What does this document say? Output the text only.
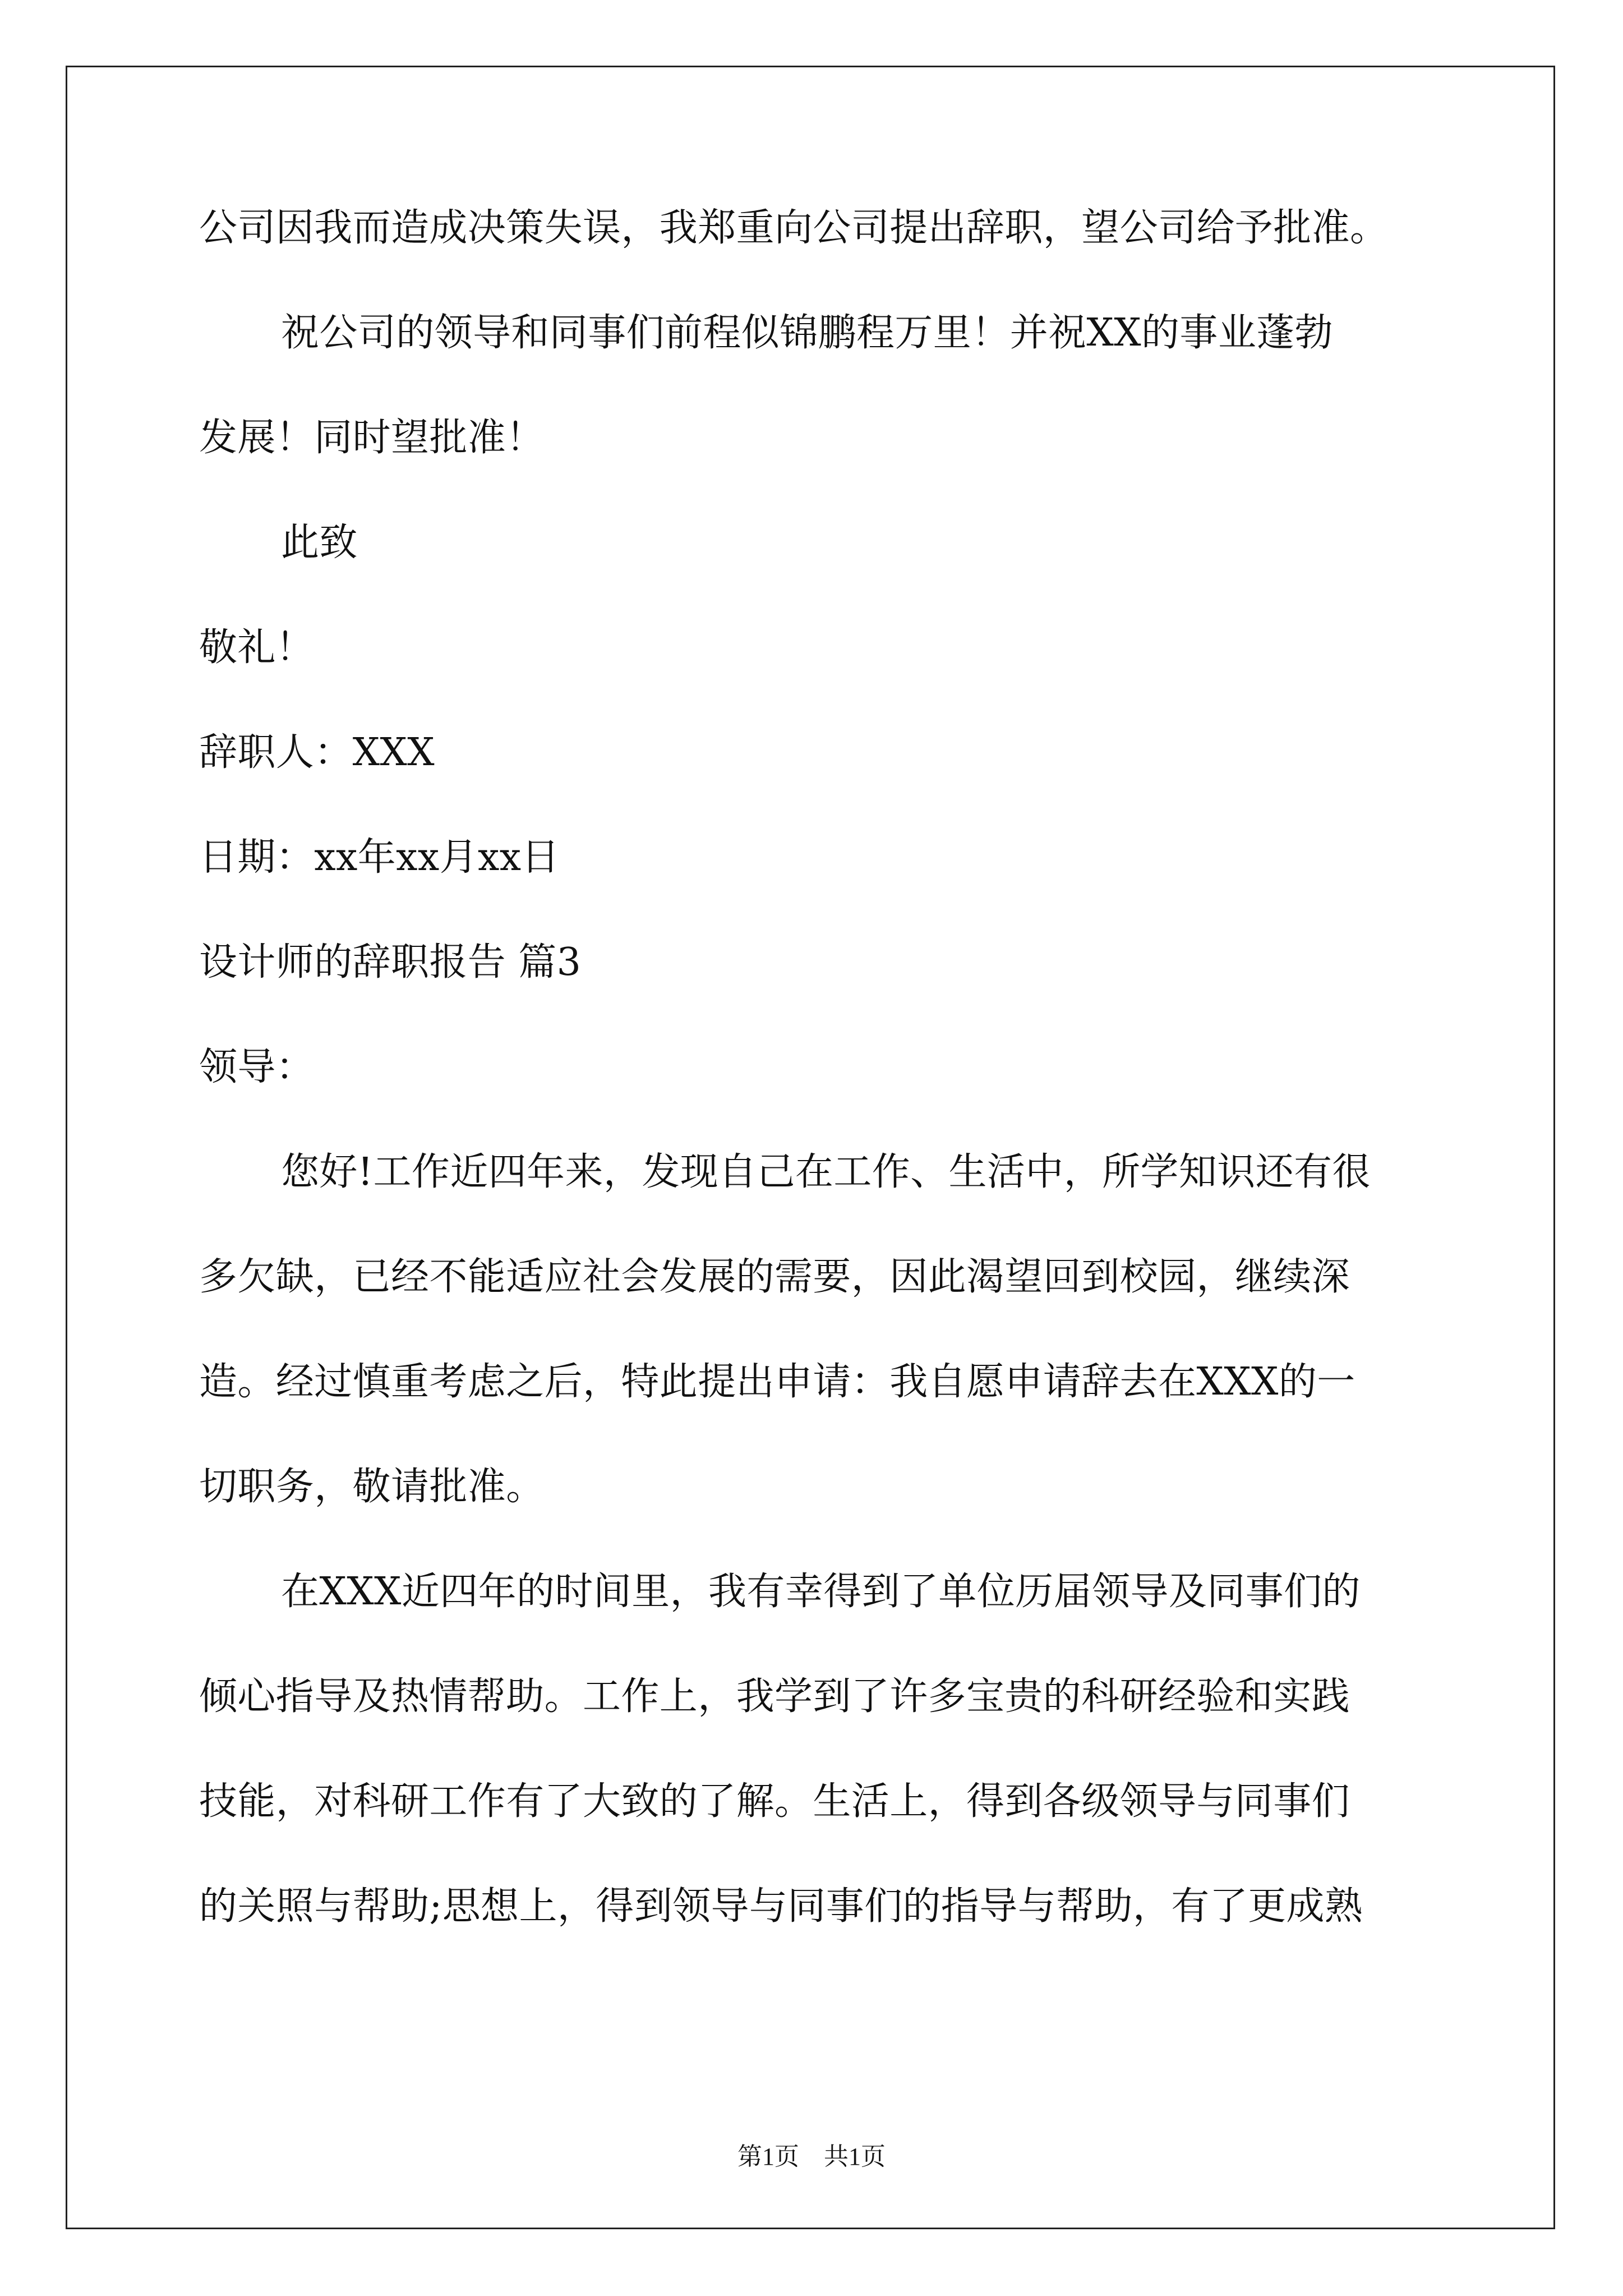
公司因我而造成决策失误，我郑重向公司提出辞职，望公司给予批准。
祝公司的领导和同事们前程似锦鹏程万里！并祝XX的事业蓬勃
发展！同时望批准！
此致
敬礼！
辞职人：XXX
日期：xx年xx月xx日
设计师的辞职报告 篇3
领导：
您好!工作近四年来，发现自己在工作、生活中，所学知识还有很
多欠缺，已经不能适应社会发展的需要，因此渴望回到校园，继续深
造。经过慎重考虑之后，特此提出申请：我自愿申请辞去在XXX的一
切职务，敬请批准。
在XXX近四年的时间里，我有幸得到了单位历届领导及同事们的
倾心指导及热情帮助。工作上，我学到了许多宝贵的科研经验和实践
技能，对科研工作有了大致的了解。生活上，得到各级领导与同事们
的关照与帮助;思想上，得到领导与同事们的指导与帮助，有了更成熟
第1页 共1页
